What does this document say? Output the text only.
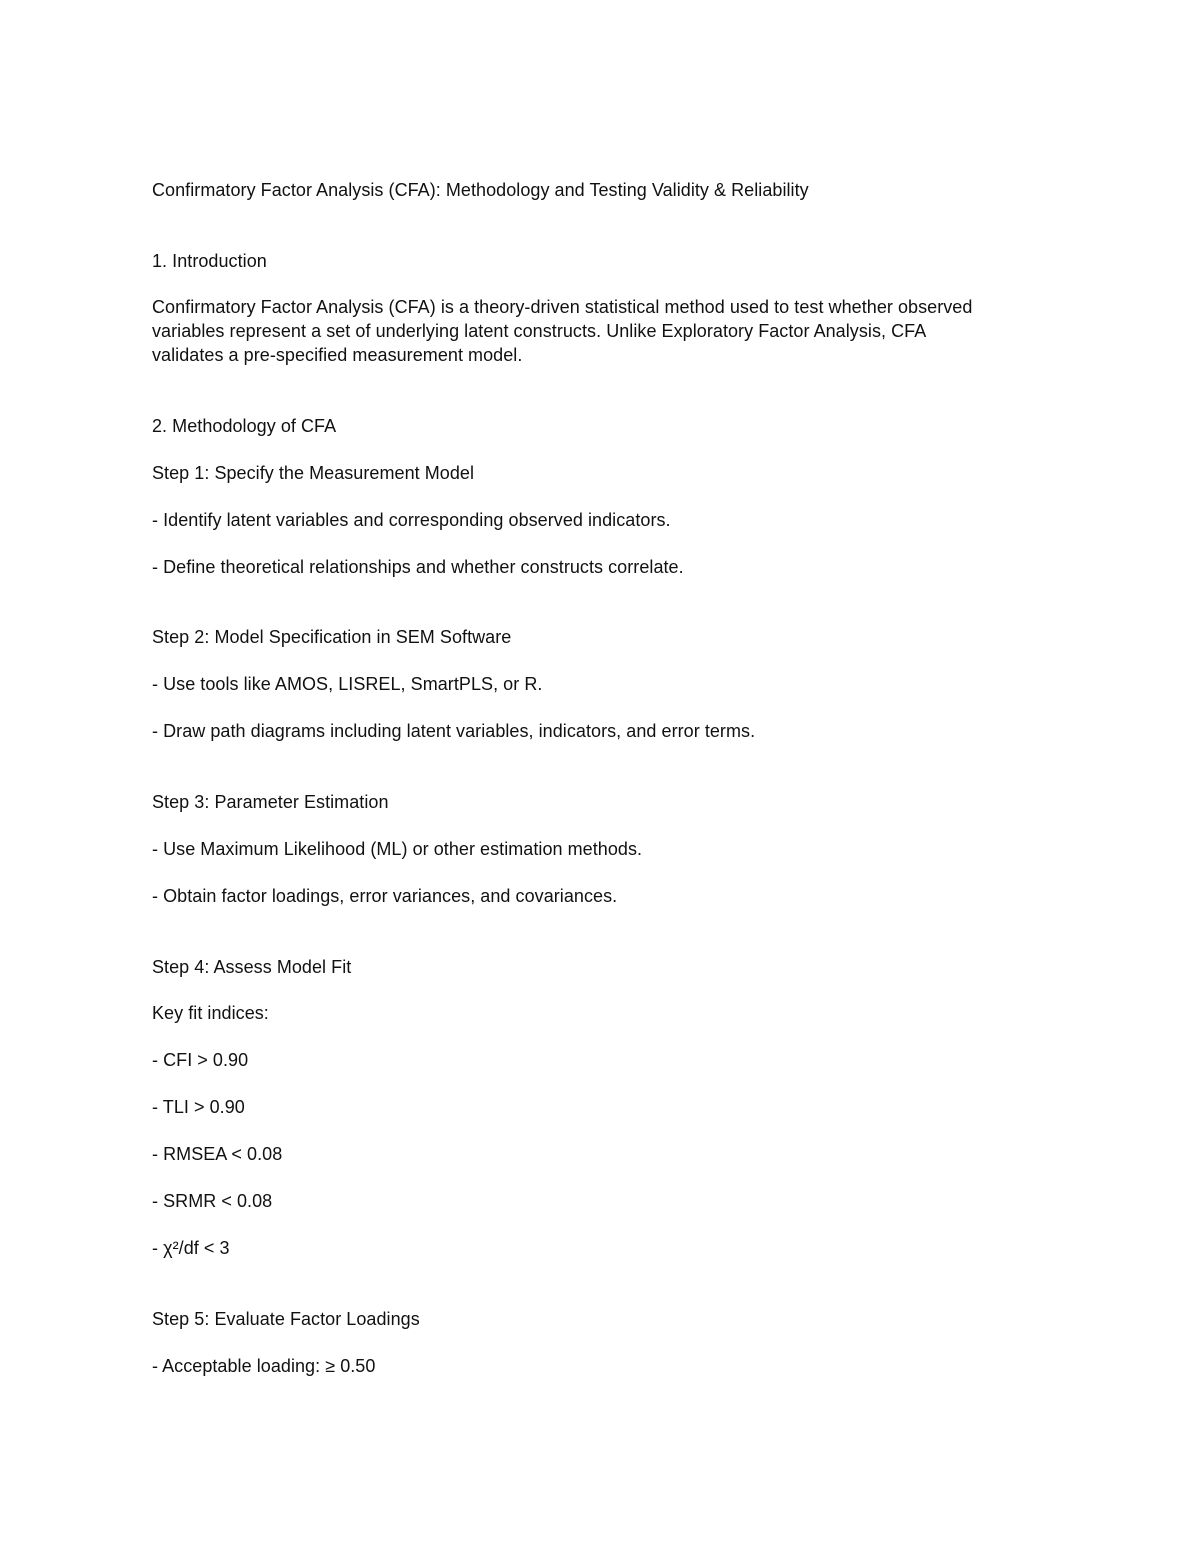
Confirmatory Factor Analysis (CFA): Methodology and Testing Validity & Reliability
1. Introduction
Confirmatory Factor Analysis (CFA) is a theory-driven statistical method used to test whether observed
variables represent a set of underlying latent constructs. Unlike Exploratory Factor Analysis, CFA
validates a pre-specified measurement model.
2. Methodology of CFA
Step 1: Specify the Measurement Model
- Identify latent variables and corresponding observed indicators.
- Define theoretical relationships and whether constructs correlate.
Step 2: Model Specification in SEM Software
- Use tools like AMOS, LISREL, SmartPLS, or R.
- Draw path diagrams including latent variables, indicators, and error terms.
Step 3: Parameter Estimation
- Use Maximum Likelihood (ML) or other estimation methods.
- Obtain factor loadings, error variances, and covariances.
Step 4: Assess Model Fit
Key fit indices:
- CFI > 0.90
- TLI > 0.90
- RMSEA < 0.08
- SRMR < 0.08
- χ²/df < 3
Step 5: Evaluate Factor Loadings
- Acceptable loading: ≥ 0.50
